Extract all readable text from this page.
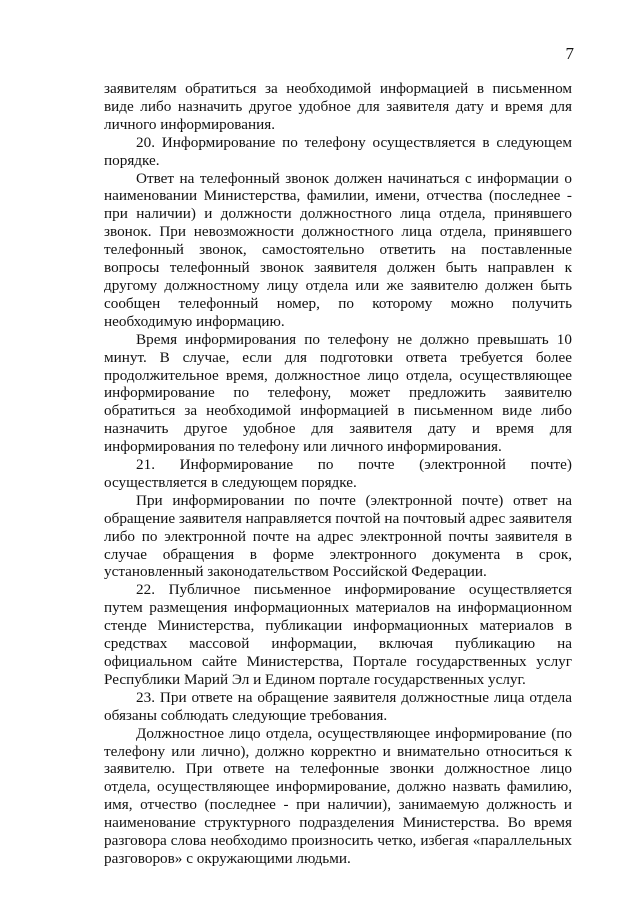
7

заявителям обратиться за необходимой информацией в письменном виде либо назначить другое удобное для заявителя дату и время для личного информирования.

20. Информирование по телефону осуществляется в следующем порядке.

Ответ на телефонный звонок должен начинаться с информации о наименовании Министерства, фамилии, имени, отчества (последнее - при наличии) и должности должностного лица отдела, принявшего звонок. При невозможности должностного лица отдела, принявшего телефонный звонок, самостоятельно ответить на поставленные вопросы телефонный звонок заявителя должен быть направлен к другому должностному лицу отдела или же заявителю должен быть сообщен телефонный номер, по которому можно получить необходимую информацию.

Время информирования по телефону не должно превышать 10 минут. В случае, если для подготовки ответа требуется более продолжительное время, должностное лицо отдела, осуществляющее информирование по телефону, может предложить заявителю обратиться за необходимой информацией в письменном виде либо назначить другое удобное для заявителя дату и время для информирования по телефону или личного информирования.

21. Информирование по почте (электронной почте) осуществляется в следующем порядке.

При информировании по почте (электронной почте) ответ на обращение заявителя направляется почтой на почтовый адрес заявителя либо по электронной почте на адрес электронной почты заявителя в случае обращения в форме электронного документа в срок, установленный законодательством Российской Федерации.

22. Публичное письменное информирование осуществляется путем размещения информационных материалов на информационном стенде Министерства, публикации информационных материалов в средствах массовой информации, включая публикацию на официальном сайте Министерства, Портале государственных услуг Республики Марий Эл и Едином портале государственных услуг.

23. При ответе на обращение заявителя должностные лица отдела обязаны соблюдать следующие требования.

Должностное лицо отдела, осуществляющее информирование (по телефону или лично), должно корректно и внимательно относиться к заявителю. При ответе на телефонные звонки должностное лицо отдела, осуществляющее информирование, должно назвать фамилию, имя, отчество (последнее - при наличии), занимаемую должность и наименование структурного подразделения Министерства. Во время разговора слова необходимо произносить четко, избегая «параллельных разговоров» с окружающими людьми.
